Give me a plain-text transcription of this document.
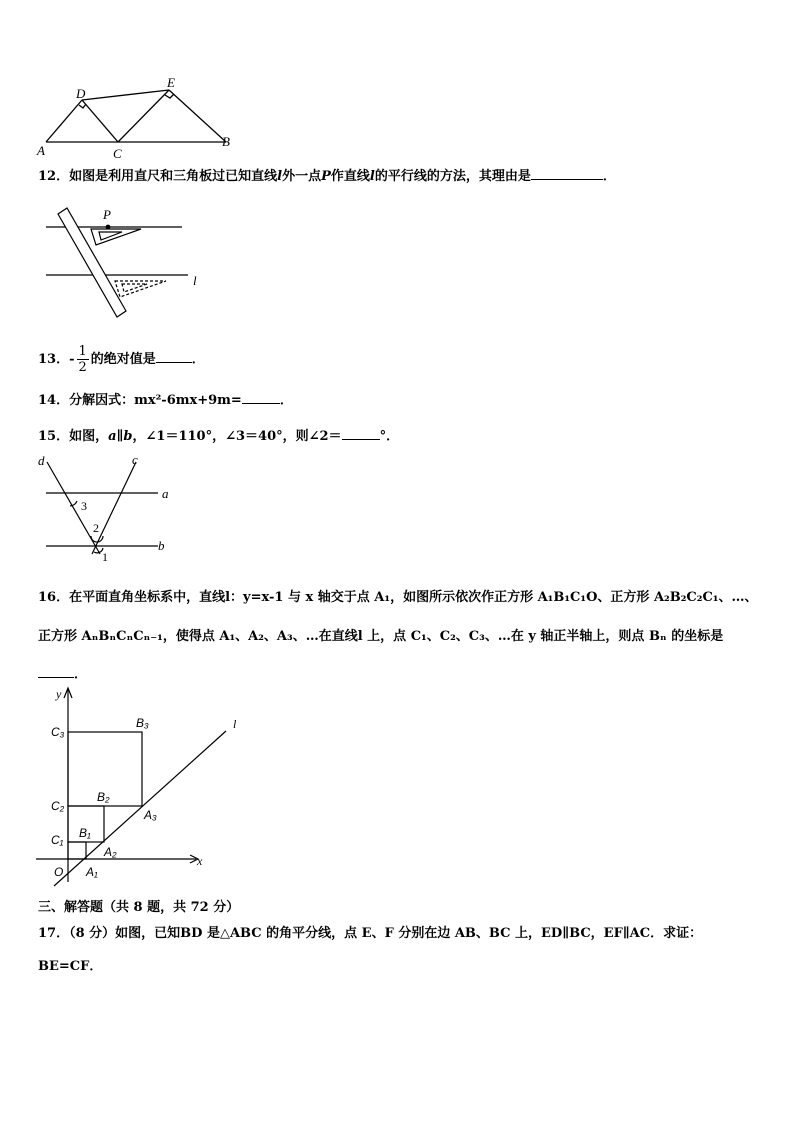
D
E
A	C
B
12．如图是利用直尺和三角板过已知直线l外一点P作直线l的平行线的方法，其理由是	．
P
l
13．- $\frac{1}{2}$ 的绝对值是	．
14．分解因式：mx²-6mx+9m=	．
15．如图，a∥b，∠1＝110°，∠3＝40°，则∠2＝	°．
d	c
a
b
3
2
1
16．在平面直角坐标系中，直线l：y=x-1 与 x 轴交于点 A₁，如图所示依次作正方形 A₁B₁C₁O、正方形 A₂B₂C₂C₁、…、
正方形 AₙBₙCₙCₙ₋₁，使得点 A₁、A₂、A₃、…在直线l 上，点 C₁、C₂、C₃、…在 y 轴正半轴上，则点 Bₙ 的坐标是
．
y
x
l
O
C₃
B₃
C₂
B₂
A₃
C₁ B₁
A₂
A₁
三、解答题（共 8 题，共 72 分）
17．（8 分）如图，已知BD 是△ABC 的角平分线，点 E、F 分别在边 AB、BC 上，ED∥BC，EF∥AC．求证：
BE=CF．
